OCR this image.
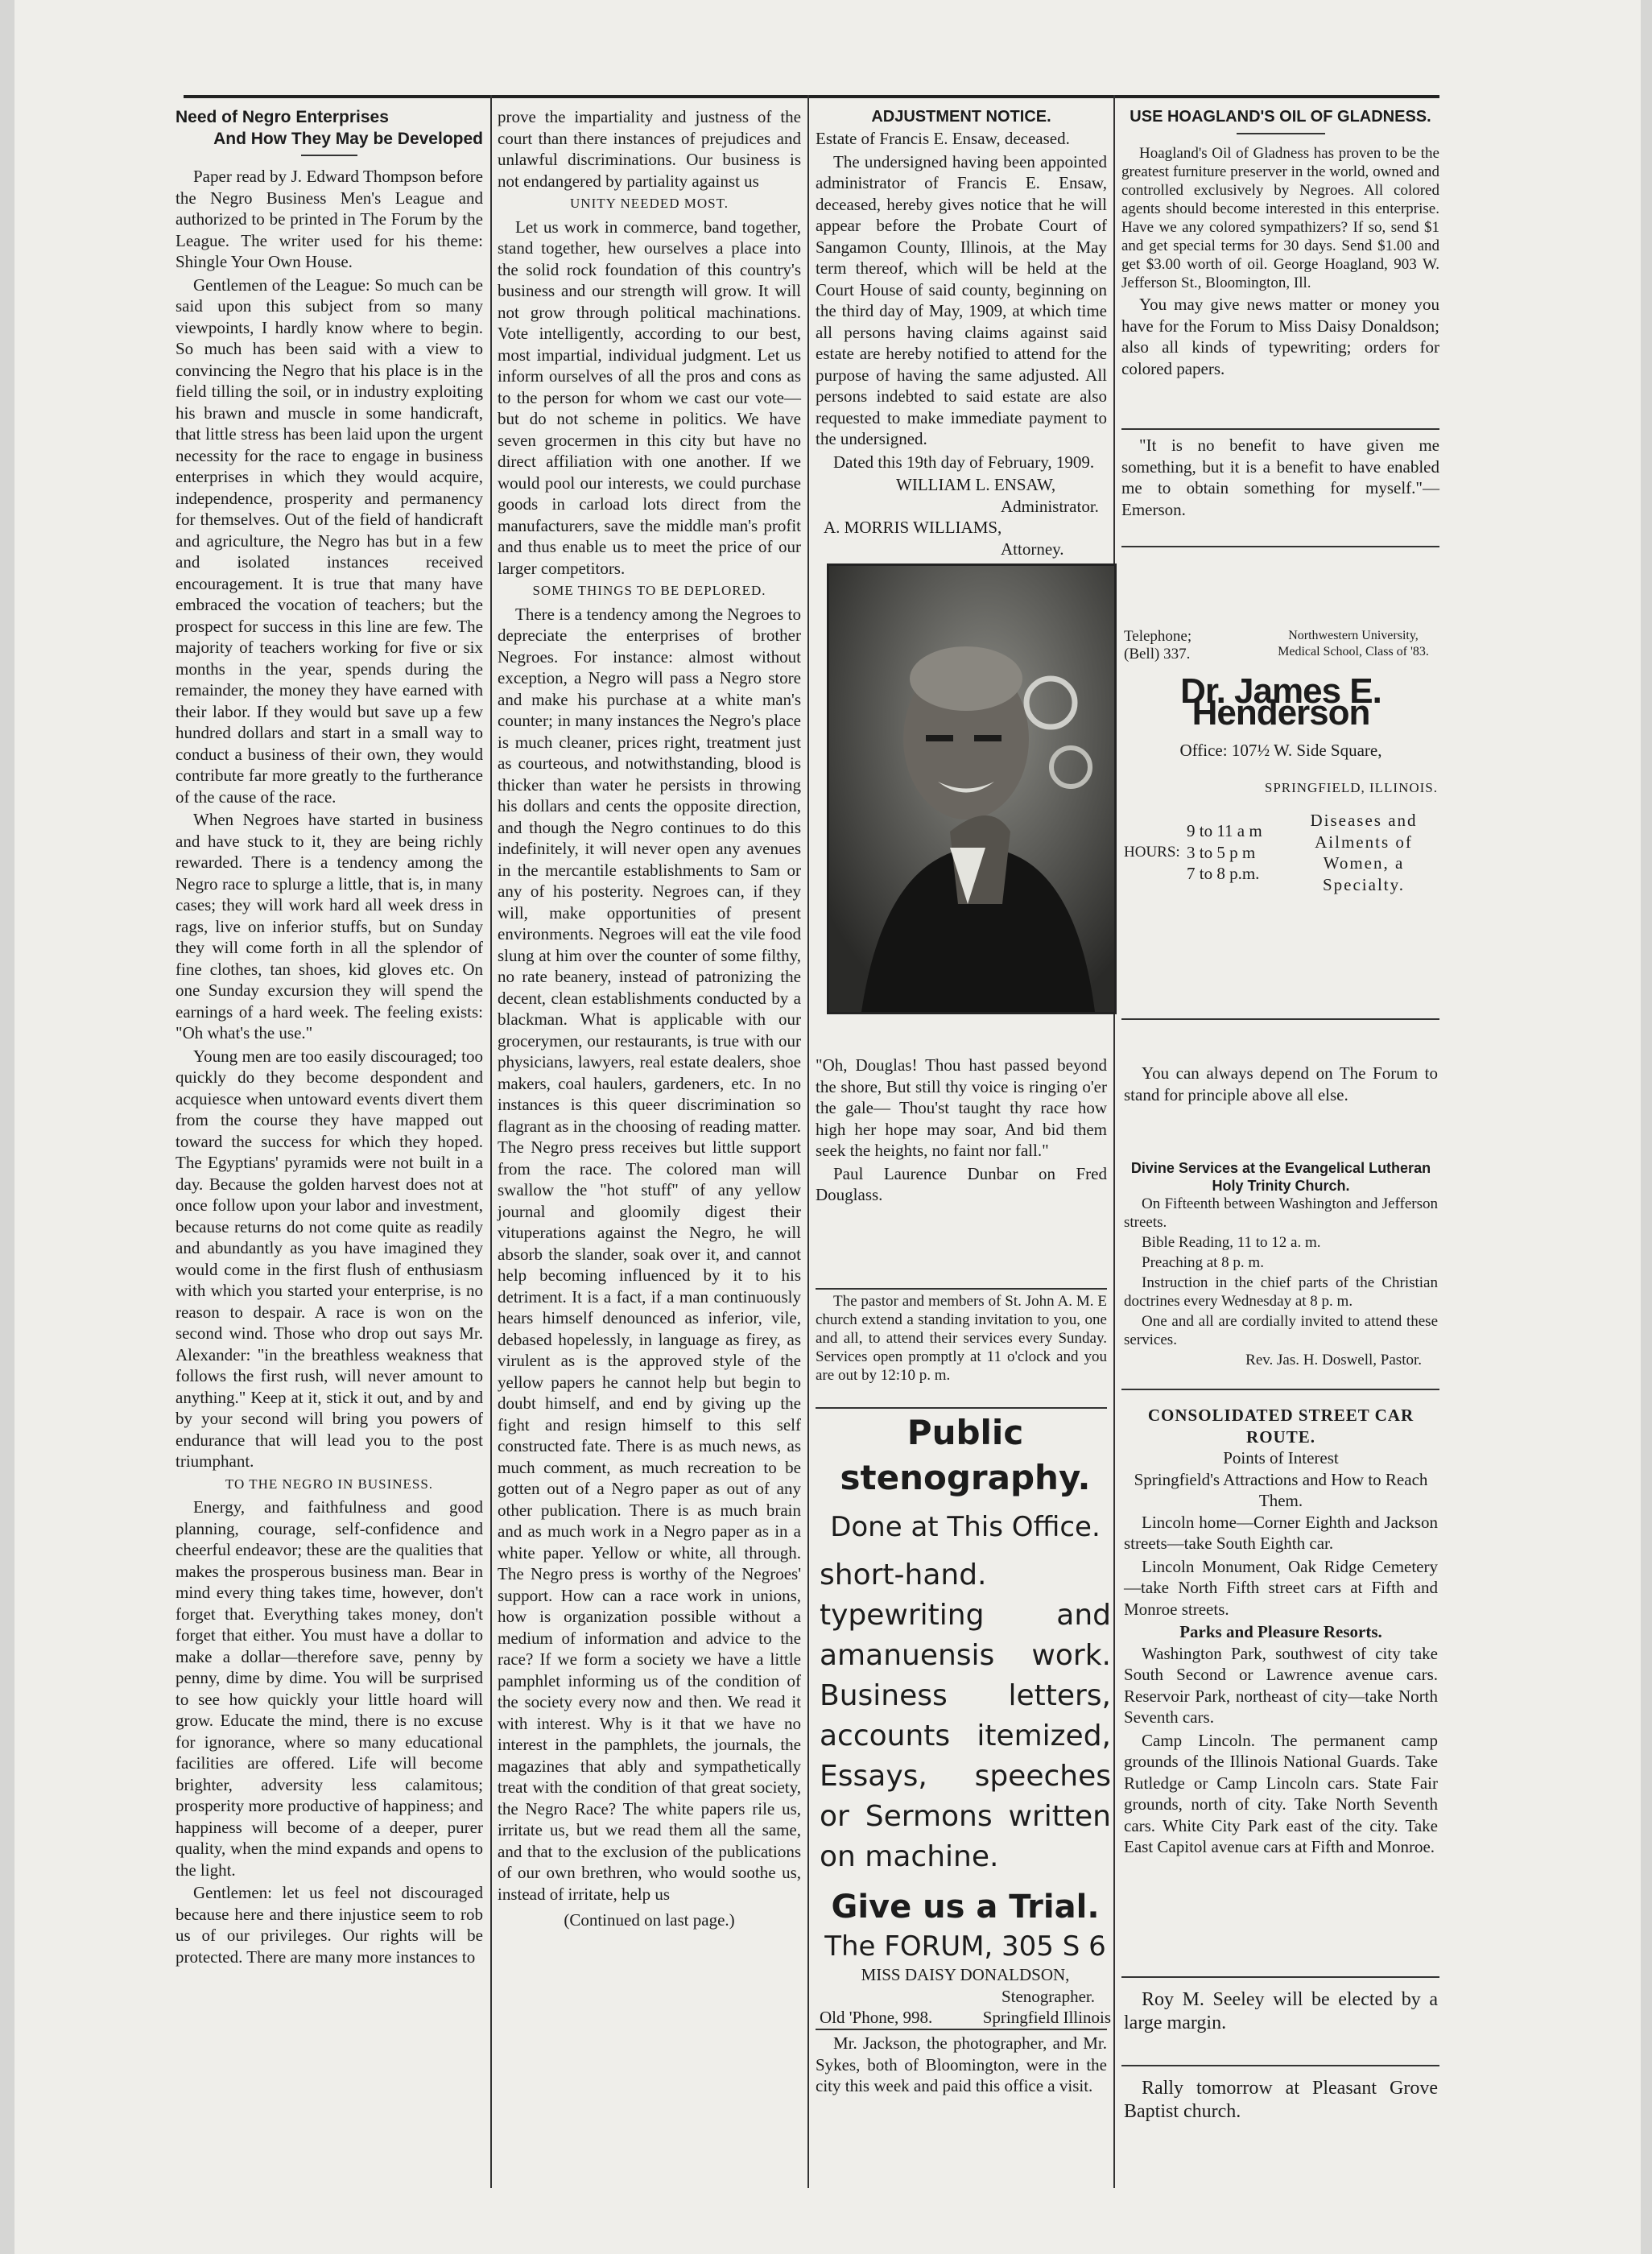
Need of Negro Enterprises
And How They May be Developed

Paper read by J. Edward Thompson before the Negro Business Men's League and authorized to be printed in The Forum by the League. The writer used for his theme: Shingle Your Own House.

Gentlemen of the League: So much can be said upon this subject from so many viewpoints, I hardly know where to begin. So much has been said with a view to convincing the Negro that his place is in the field tilling the soil, or in industry exploiting his brawn and muscle in some handicraft, that little stress has been laid upon the urgent necessity for the race to engage in business enterprises in which they would acquire, independence, prosperity and permanency for themselves. Out of the field of handicraft and agriculture, the Negro has but in a few and isolated instances received encouragement. It is true that many have embraced the vocation of teachers; but the prospect for success in this line are few. The majority of teachers working for five or six months in the year, spends during the remainder, the money they have earned with their labor. If they would but save up a few hundred dollars and start in a small way to conduct a business of their own, they would contribute far more greatly to the furtherance of the cause of the race.

When Negroes have started in business and have stuck to it, they are being richly rewarded. There is a tendency among the Negro race to splurge a little, that is, in many cases; they will work hard all week dress in rags, live on inferior stuffs, but on Sunday they will come forth in all the splendor of fine clothes, tan shoes, kid gloves etc. On one Sunday excursion they will spend the earnings of a hard week. The feeling exists: "Oh what's the use."

Young men are too easily discouraged; too quickly do they become despondent and acquiesce when untoward events divert them from the course they have mapped out toward the success for which they hoped. The Egyptians' pyramids were not built in a day. Because the golden harvest does not at once follow upon your labor and investment, because returns do not come quite as readily and abundantly as you have imagined they would come in the first flush of enthusiasm with which you started your enterprise, is no reason to despair. A race is won on the second wind. Those who drop out says Mr. Alexander: "in the breathless weakness that follows the first rush, will never amount to anything." Keep at it, stick it out, and by and by your second will bring you powers of endurance that will lead you to the post triumphant.

TO THE NEGRO IN BUSINESS.

Energy, and faithfulness and good planning, courage, self-confidence and cheerful endeavor; these are the qualities that makes the prosperous business man. Bear in mind every thing takes time, however, don't forget that. Everything takes money, don't forget that either. You must have a dollar to make a dollar—therefore save, penny by penny, dime by dime. You will be surprised to see how quickly your little hoard will grow. Educate the mind, there is no excuse for ignorance, where so many educational facilities are offered. Life will become brighter, adversity less calamitous; prosperity more productive of happiness; and happiness will become of a deeper, purer quality, when the mind expands and opens to the light.

Gentlemen: let us feel not discouraged because here and there injustice seem to rob us of our privileges. Our rights will be protected. There are many more instances to

prove the impartiality and justness of the court than there instances of prejudices and unlawful discriminations. Our business is not endangered by partiality against us

UNITY NEEDED MOST.

Let us work in commerce, band together, stand together, hew ourselves a place into the solid rock foundation of this country's business and our strength will grow. It will not grow through political machinations. Vote intelligently, according to our best, most impartial, individual judgment. Let us inform ourselves of all the pros and cons as to the person for whom we cast our vote—but do not scheme in politics. We have seven grocermen in this city but have no direct affiliation with one another. If we would pool our interests, we could purchase goods in carload lots direct from the manufacturers, save the middle man's profit and thus enable us to meet the price of our larger competitors.

SOME THINGS TO BE DEPLORED.

There is a tendency among the Negroes to depreciate the enterprises of brother Negroes. For instance: almost without exception, a Negro will pass a Negro store and make his purchase at a white man's counter; in many instances the Negro's place is much cleaner, prices right, treatment just as courteous, and notwithstanding, blood is thicker than water he persists in throwing his dollars and cents the opposite direction, and though the Negro continues to do this indefinitely, it will never open any avenues in the mercantile establishments to Sam or any of his posterity. Negroes can, if they will, make opportunities of present environments. Negroes will eat the vile food slung at him over the counter of some filthy, no rate beanery, instead of patronizing the decent, clean establishments conducted by a blackman. What is applicable with our grocerymen, our restaurants, is true with our physicians, lawyers, real estate dealers, shoe makers, coal haulers, gardeners, etc. In no instances is this queer discrimination so flagrant as in the choosing of reading matter. The Negro press receives but little support from the race. The colored man will swallow the "hot stuff" of any yellow journal and gloomily digest their vituperations against the Negro, he will absorb the slander, soak over it, and cannot help becoming influenced by it to his detriment. It is a fact, if a man continuously hears himself denounced as inferior, vile, debased hopelessly, in language as firey, as virulent as is the approved style of the yellow papers he cannot help but begin to doubt himself, and end by giving up the fight and resign himself to this self constructed fate. There is as much news, as much comment, as much recreation to be gotten out of a Negro paper as out of any other publication. There is as much brain and as much work in a Negro paper as in a white paper. Yellow or white, all through. The Negro press is worthy of the Negroes' support. How can a race work in unions, how is organization possible without a medium of information and advice to the race? If we form a society we have a little pamphlet informing us of the condition of the society every now and then. We read it with interest. Why is it that we have no interest in the pamphlets, the journals, the magazines that ably and sympathetically treat with the condition of that great society, the Negro Race? The white papers rile us, irritate us, but we read them all the same, and that to the exclusion of the publications of our own brethren, who would soothe us, instead of irritate, help us

(Continued on last page.)
ADJUSTMENT NOTICE.

Estate of Francis E. Ensaw, deceased.

The undersigned having been appointed administrator of Francis E. Ensaw, deceased, hereby gives notice that he will appear before the Probate Court of Sangamon County, Illinois, at the May term thereof, which will be held at the Court House of said county, beginning on the third day of May, 1909, at which time all persons having claims against said estate are hereby notified to attend for the purpose of having the same adjusted. All persons indebted to said estate are also requested to make immediate payment to the undersigned.

Dated this 19th day of February, 1909.

WILLIAM L. ENSAW,
Administrator.
A. MORRIS WILLIAMS,
Attorney.

"Oh, Douglas! Thou hast passed beyond the shore, But still thy voice is ringing o'er the gale— Thou'st taught thy race how high her hope may soar, And bid them seek the heights, no faint nor fall."

Paul Laurence Dunbar on Fred Douglass.

The pastor and members of St. John A. M. E church extend a standing invitation to you, one and all, to attend their services every Sunday. Services open promptly at 11 o'clock and you are out by 12:10 p. m.

Public stenography.
Done at This Office.
short-hand. typewriting and amanuensis work. Business letters, accounts itemized, Essays, speeches or Sermons written on machine.
Give us a Trial.
The FORUM, 305 S 6
MISS DAISY DONALDSON,
Stenographer.
Old 'Phone, 998.	Springfield Illinois

Mr. Jackson, the photographer, and Mr. Sykes, both of Bloomington, were in the city this week and paid this office a visit.

USE HOAGLAND'S OIL OF GLADNESS.

Hoagland's Oil of Gladness has proven to be the greatest furniture preserver in the world, owned and controlled exclusively by Negroes. All colored agents should become interested in this enterprise. Have we any colored sympathizers? If so, send $1 and get special terms for 30 days. Send $1.00 and get $3.00 worth of oil. George Hoagland, 903 W. Jefferson St., Bloomington, Ill.

You may give news matter or money you have for the Forum to Miss Daisy Donaldson; also all kinds of typewriting; orders for colored papers.

"It is no benefit to have given me something, but it is a benefit to have enabled me to obtain something for myself."—Emerson.

Telephone; (Bell) 337.
Northwestern University, Medical School, Class of '83.
Dr. James E. Henderson
Office: 107½ W. Side Square,
SPRINGFIELD, ILLINOIS.
HOURS:
9 to 11 a m
3 to 5 p m
7 to 8 p.m.
Diseases and Ailments of Women, a Specialty.

You can always depend on The Forum to stand for principle above all else.

Divine Services at the Evangelical Lutheran Holy Trinity Church.

On Fifteenth between Washington and Jefferson streets.

Bible Reading, 11 to 12 a. m.

Preaching at 8 p. m.

Instruction in the chief parts of the Christian doctrines every Wednesday at 8 p. m.

One and all are cordially invited to attend these services.

Rev. Jas. H. Doswell, Pastor.
CONSOLIDATED STREET CAR ROUTE.
Points of Interest
Springfield's Attractions and How to Reach Them.

Lincoln home—Corner Eighth and Jackson streets—take South Eighth car.

Lincoln Monument, Oak Ridge Cemetery—take North Fifth street cars at Fifth and Monroe streets.

Parks and Pleasure Resorts.

Washington Park, southwest of city take South Second or Lawrence avenue cars. Reservoir Park, northeast of city—take North Seventh cars.

Camp Lincoln. The permanent camp grounds of the Illinois National Guards. Take Rutledge or Camp Lincoln cars. State Fair grounds, north of city. Take North Seventh cars. White City Park east of the city. Take East Capitol avenue cars at Fifth and Monroe.

Roy M. Seeley will be elected by a large margin.

Rally tomorrow at Pleasant Grove Baptist church.
